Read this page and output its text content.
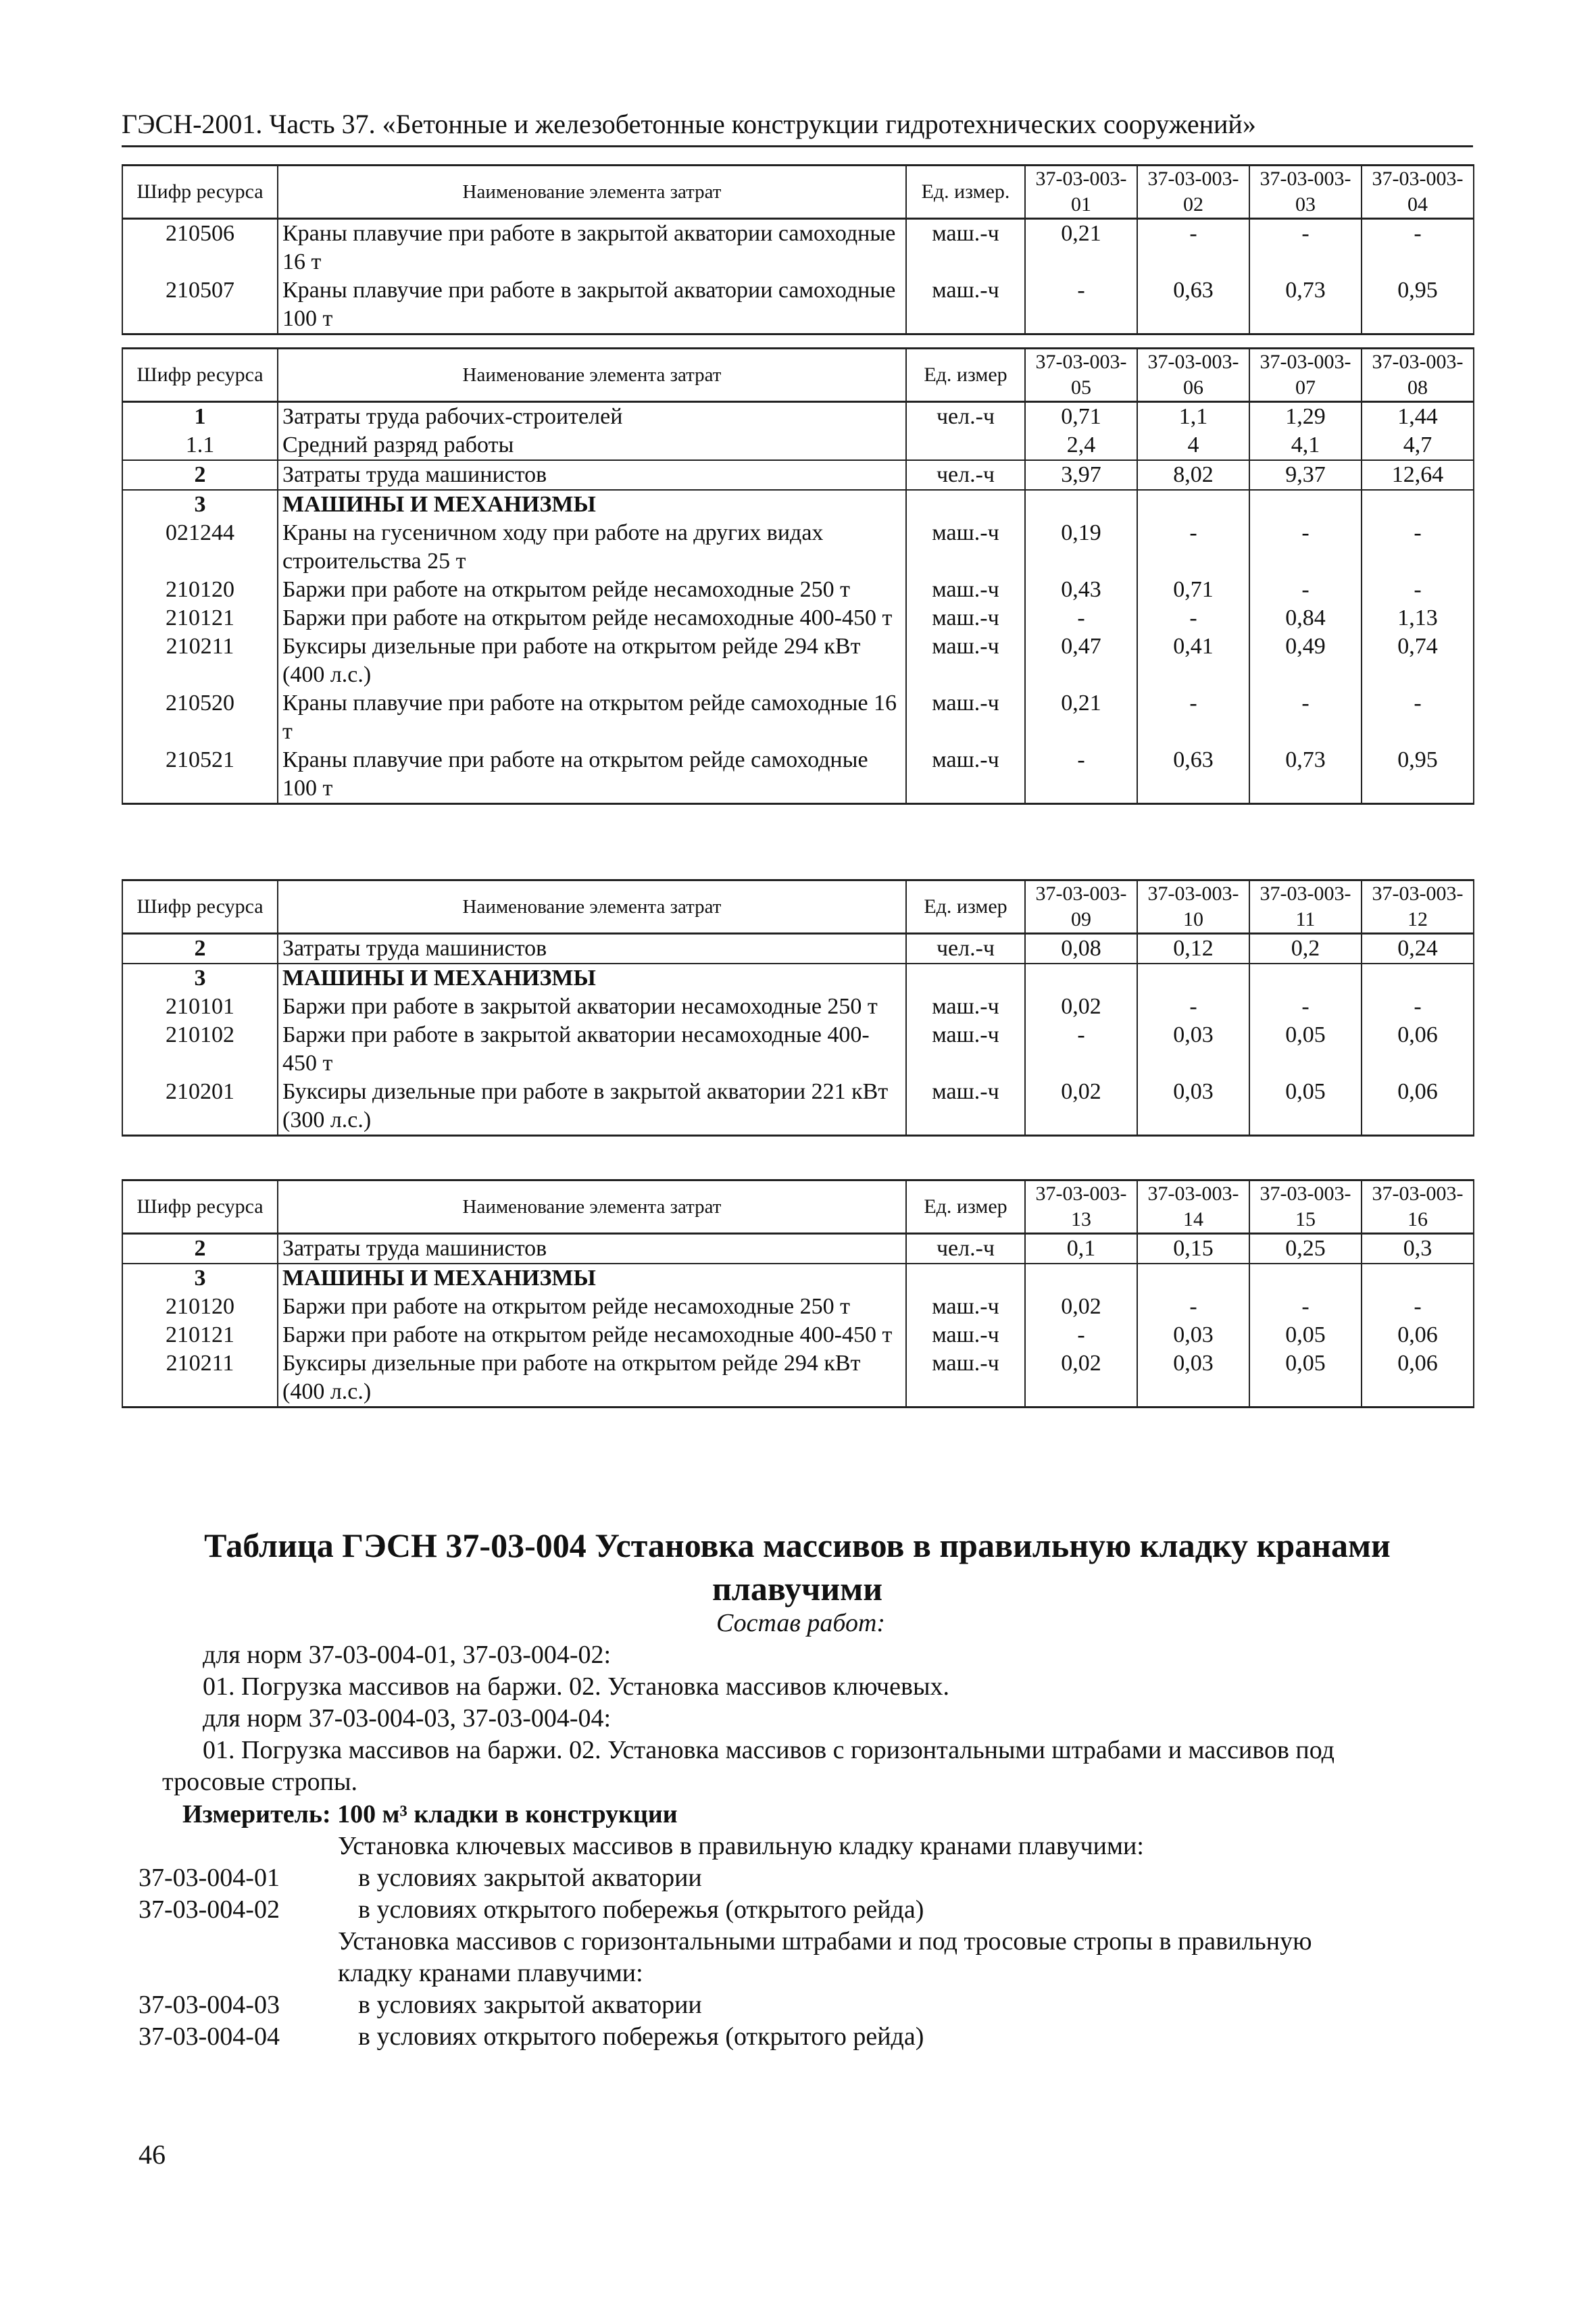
ГЭСН-2001. Часть 37. «Бетонные и железобетонные конструкции гидротехнических сооружений»
Шифр ресурса	Наименование элемента затрат	Ед. измер.	37-03-003-01	37-03-003-02	37-03-003-03	37-03-003-04
210506	Краны плавучие при работе в закрытой акватории самоходные 16 т	маш.-ч	0,21	-	-	-
210507	Краны плавучие при работе в закрытой акватории самоходные 100 т	маш.-ч	-	0,63	0,73	0,95
Шифр ресурса	Наименование элемента затрат	Ед. измер	37-03-003-05	37-03-003-06	37-03-003-07	37-03-003-08
1	Затраты труда рабочих-строителей	чел.-ч	0,71	1,1	1,29	1,44
1.1	Средний разряд работы		2,4	4	4,1	4,7
2	Затраты труда машинистов	чел.-ч	3,97	8,02	9,37	12,64
3	МАШИНЫ И МЕХАНИЗМЫ					
021244	Краны на гусеничном ходу при работе на других видах строительства 25 т	маш.-ч	0,19	-	-	-
210120	Баржи при работе на открытом рейде несамоходные 250 т	маш.-ч	0,43	0,71	-	-
210121	Баржи при работе на открытом рейде несамоходные 400-450 т	маш.-ч	-	-	0,84	1,13
210211	Буксиры дизельные при работе на открытом рейде 294 кВт (400 л.с.)	маш.-ч	0,47	0,41	0,49	0,74
210520	Краны плавучие при работе на открытом рейде самоходные 16 т	маш.-ч	0,21	-	-	-
210521	Краны плавучие при работе на открытом рейде самоходные 100 т	маш.-ч	-	0,63	0,73	0,95
Шифр ресурса	Наименование элемента затрат	Ед. измер	37-03-003-09	37-03-003-10	37-03-003-11	37-03-003-12
2	Затраты труда машинистов	чел.-ч	0,08	0,12	0,2	0,24
3	МАШИНЫ И МЕХАНИЗМЫ					
210101	Баржи при работе в закрытой акватории несамоходные 250 т	маш.-ч	0,02	-	-	-
210102	Баржи при работе в закрытой акватории несамоходные 400-450 т	маш.-ч	-	0,03	0,05	0,06
210201	Буксиры дизельные при работе в закрытой акватории 221 кВт (300 л.с.)	маш.-ч	0,02	0,03	0,05	0,06
Шифр ресурса	Наименование элемента затрат	Ед. измер	37-03-003-13	37-03-003-14	37-03-003-15	37-03-003-16
2	Затраты труда машинистов	чел.-ч	0,1	0,15	0,25	0,3
3	МАШИНЫ И МЕХАНИЗМЫ					
210120	Баржи при работе на открытом рейде несамоходные 250 т	маш.-ч	0,02	-	-	-
210121	Баржи при работе на открытом рейде несамоходные 400-450 т	маш.-ч	-	0,03	0,05	0,06
210211	Буксиры дизельные при работе на открытом рейде 294 кВт (400 л.с.)	маш.-ч	0,02	0,03	0,05	0,06
Таблица ГЭСН 37-03-004 Установка массивов в правильную кладку кранами
плавучими
Состав работ:
для норм 37-03-004-01, 37-03-004-02:
01. Погрузка массивов на баржи. 02. Установка массивов ключевых.
для норм 37-03-004-03, 37-03-004-04:
01. Погрузка массивов на баржи. 02. Установка массивов с горизонтальными штрабами и массивов под
тросовые стропы.
Измеритель: 100 м³ кладки в конструкции
Установка ключевых массивов в правильную кладку кранами плавучими:
37-03-004-01	в условиях закрытой акватории
37-03-004-02	в условиях открытого побережья (открытого рейда)
Установка массивов с горизонтальными штрабами и под тросовые стропы в правильную
кладку кранами плавучими:
37-03-004-03	в условиях закрытой акватории
37-03-004-04	в условиях открытого побережья (открытого рейда)
46
